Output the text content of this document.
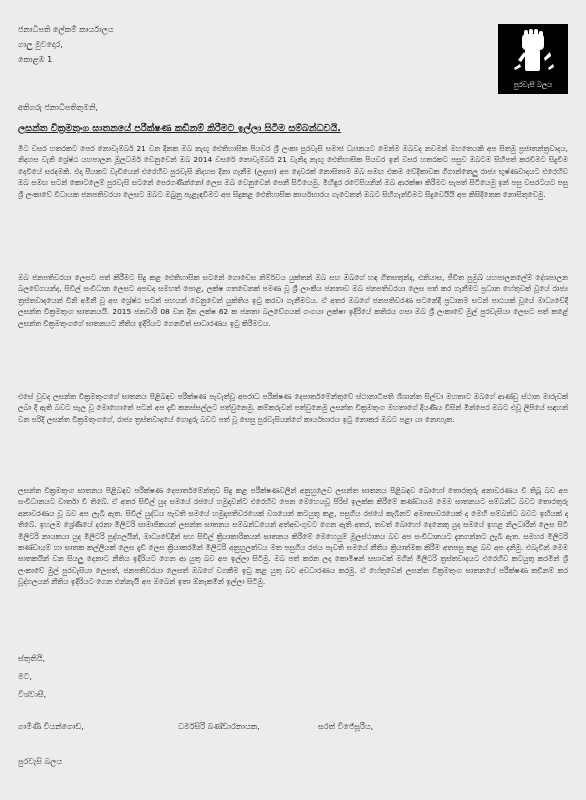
ජනාධිපති ලේකම් කාර්යාලය
ගාලු මුවදොර,
කොළඹ 1
පුරවැසි බලය
අතිගරු ජනාධිපතිතුමනි,
ලසන්ත වික්‍රමතුංග ඝාතනයේ පරීක්ෂණ කඩිනම් කිරීමට ඉල්ලා සිටීම සම්බන්ධවයි.
මීට වසර හතරකට පෙර නොවැම්බර් 21 වන දිනක ඔබ නැඟූ ඓතිහාසික පියවර ශ්‍රී ලංකා පුරවැසි සමාජ ධ්‍යානයට මෙන්ම ඔබවද නවමන් මහතෙයකි අප සිතමු ප්‍රජාතන්ත්‍රවාදය, නිදහස වැනි ශ්‍රේෂ්ඨ යහපාලන මූලධර්ම වෙනුවෙන් ඔබ 2014 වසරේ නොවැම්බර් 21 වැනිදා නැඟූ ඓතිහාසික පියවර ඉන් වසර හතරකට පසුව ඔබටම සිහිපත් කරවීමට සිදුවීම දෙවියේ සරදමකි. එදා සීයකට වැඩියෙන් එරෙහිව පුරවැසි නිදහස දිනා ගැනීම (ලදසා) අප දෙවරක් නොසිතාම ඔබ සමඟ එකම වේදිකාවක ගිගාන්තෙලු රාජ්‍ය භූෂ්ණවාදයට එරෙහිව ඔබ සමඟ සටන් කොටලෙම් පුරවැසි සටනේ පෙරගණින්නෝ ලෙස ඔබ වෙනුවෙන් පෙනී සිටියෙමු. මිහිඳුර රටේසියනින් ඔබ ආරක්ෂා කිරීමට සැපත් සිටියෙමු ඉන් පසු වසරටයට පසු ශ්‍රී ලංකාවේ විධායක ජනපතිවරයා ලෙසට ඔබට ඔබුනු පැළැඳවීමට අප සිදුකළ ඓතිහාසික කාර්යභාරය ගැටෙනත් ඔබට සිහිගැන්වීමට සිදුවෙයියි අප කිසිදිනෙක නොසිතුවෙමු.
ඔබ ජනපතිවරයා ලෙසට පත් කිරීමට සිදු කළ ඓතිහාසික සටනේ ගොඩෙස නිම්ර්වය යුක්තන් ඔබ සහ ඔබගේ හඳ ගිතසතුන්ද, එනියාස, ජීවිත පුමුඛ යහපාලනලේම් දේශපාලන බලවේගයන්ද, සිවිල් සංවිධාන ලෙසට අපවද සමහත් පොළ, ලක්ෂ ගතවෙනක් පමණ වූ ශ්‍රී ලාංකීය ජනතාව ඔබ ජනපතිවරයා ලෙස පත් කර ගැනීමට ප්‍රධාන හේතුවක් වූයේ රාජ්‍ය ත්‍රස්තවාදයෙන් විනි අමිනී වූ අප ශ්‍රේෂ්ඨ සටන් සහයන් වෙනුවෙන් යුක්තිය ඉටු කරවා ගැනීමටය. ඒ අතර ඔබගේ ජනපතිවරණ සටනේදී ප්‍රධානම සටන් පාඨයක් වූයේ මාධ්‍යවේදී ලසන්ත වික්‍රමතුංග ඝාතනයයි. 2015 ජනවාරි 08 වන දින ලක්ෂ 62 ක ජනතා බලවේගයක් ගංගයා ලක්ෂා ඉදිරියේ කතිරය ගසා ඔබ ශ්‍රී ලංකාවේ මුල් පුරවැසියා ලෙසට පත් කළේ ලසන්ත වික්‍රමතුංගගේ ඝාතනයට නීතිය ඉදිරියට ගෙනවිත් සාධාරණය ඉටු කිරීමටය.
එසේ වුවද ලසන්ත වික්‍රමතුංගගේ ඝාතනය පිළිබඳව පරීක්ෂණ පැවැත්වූ අපරාධ පරීක්ෂණ දෙපාර්තමේන්තුවේ ස්ථානාධිපති ශිශාන්ත සිල්වා මහතාට ඔබගේ ආණ්ඩු ස්ථාන මාරුවක් ලබා දී ඇති බවට සැල වූ මොහොතේ පටන් අප දැඩි කනස්සල්ලට පත්වුනෙමු. කම්කරුවන් පත්වුනෙමු ලසන්ත වික්‍රමතුංග මහතාගේ දියණිය විසින් මින්පෙර ඔබට එවූ ලිපියේ සඳහන් වන පරිදි ලසන්ත වික්‍රමතුංගගේ, රාජ්‍ය ත්‍රස්තවාදයේ ගොදුරු බවට පත් වූ සෙසු පුරවැසියන්ගේ කාර්යභාරය ඉටු නොකර ඔබට පළා යා නොහැක.
ලසන්ත වික්‍රමතුංග ඝාතනය පිළිබඳව පරීක්ෂණ දෙපාර්තමේන්තුව සිදු කළ පරීක්ෂණවලින් අනුහුලෙව ලසන්ත ඝාතනය පිළිබඳව බොහෝ තොරතුරු අනාවරණය වී තිබූ බව අප සංවිධානයට වාර්තා වී තිබේ. ඒ අතර සිවිල් යුද සමයේ රජයේ හමුදාවන්ට එරෙහිව පෙන මෙහෙයවූ පිරිස් ඉලක්ක කිරීමේ කණ්ඩායම මෙම ඝාතනයට සම්බන්ධ බවට තොරතුරු අනාවරණය වූ බව අප ලැබී ඇත. සිවිල් යුද්ධය පැවති සමයේ හමුදාපතිවරයෙක් වශයෙන් කටයුතු කළ, පසුගිය රජයේ කැබිනට් අමාත්‍යවරයෙක් ද මෙහි සම්බන්ධ බවට ඉඟියක් ද තිබේ. ඉහලම ශ්‍රේණියේ දරනා මිලිටරි සාමාජිකයන් ලසන්ත ඝාතනය සම්බන්ධයෙන් අත්අඩංගුවට ගෙන ඇති අතර, තවත් බොහෝ දෙනෙකු යුද සමයේ ඉහළ නිලධාරීන් ලෙස සිටි මිලිටරි නායකයා යුද මිලිටරි පුද්ගලයින්, මාධ්‍යවේදීන් සහ සිවිල් ක්‍රියාකාරිකයන් ඝාතනය කිරීමේ මෙහෙයුම් මූලස්ථානය බව අප සංවිධානයට දැනගන්නට ලැබී ඇත. සමහර මිලිටරි කණ්ඩායම් හා ඝාතක කල්ලියක් ලෙස දැඩි ලෙස ක්‍රියාකරමින් මිලිටරි අනුහුලත්වය මත පසුගිය රජය පැවති සමයේ නීතිය ක්‍රියාත්මක කිරීම අතපසු කළ බව අප දනිමු. එබැවින් මෙම ඝාතකයින් වන සියලු දෙනාට නීතිය ඉදිරියට ගෙන ආ යුතු බව අප ඉල්ලා සිටිමු. ඔබ පත් කරන ලද කොමිෂන් සභාවක් මගින් මිලිටරි ත්‍රස්තවාදයට එරෙහිව කටයුතු කරමින් ශ්‍රී ලංකාවේ මුල් පුරවැසියා ලෙසත්, ජනපතිවරයා ලෙසත් ඔබගේ වගකීම ඉටු කළ යුතු බව අවධාරණය කරමු. ඒ හේතුවෙන් ලසන්ත වික්‍රමතුංග ඝාතනයේ පරීක්ෂණ කඩිනම් කර වූද්ගලයන් නීතිය ඉදිරියට ගෙන එන්නැයි අප ඔබෙන් ඉතා ඕනෑකමින් ඉල්ලා සිටිමු.
ස්තුතියි,
මට,
විශ්වාසී,
ගාමිණී වියන්ගොඩ,	ධර්මසිරි බණ්ඩාරනායක,	සරත් විජේසූරිය,
පුරවැසි බලය
